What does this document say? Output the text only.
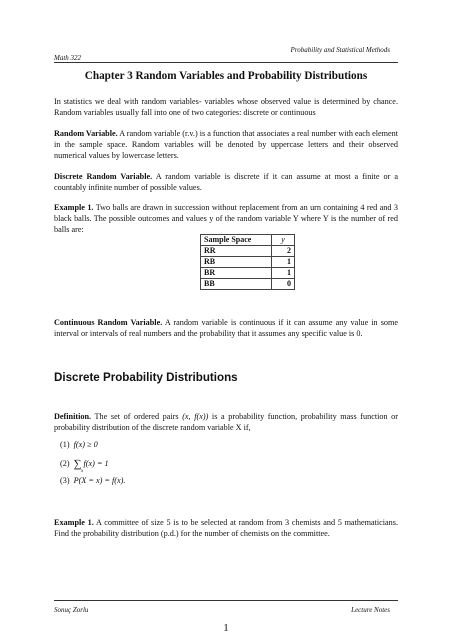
Probability and Statistical Methods
Math 322
Chapter 3 Random Variables and Probability Distributions

In statistics we deal with random variables- variables whose observed value is determined by chance. Random variables usually fall into one of two categories: discrete or continuous

Random Variable. A random variable (r.v.) is a function that associates a real number with each element in the sample space. Random variables will be denoted by uppercase letters and their observed numerical values by lowercase letters.

Discrete Random Variable. A random variable is discrete if it can assume at most a finite or a countably infinite number of possible values.

Example 1. Two balls are drawn in succession without replacement from an urn containing 4 red and 3 black balls. The possible outcomes and values y of the random variable Y where Y is the number of red balls are:

Sample Space	y
RR	2
RB	1
BR	1
BB	0

Continuous Random Variable. A random variable is continuous if it can assume any value in some interval or intervals of real numbers and the probability that it assumes any specific value is 0.

Discrete Probability Distributions

Definition. The set of ordered pairs (x, f(x)) is a probability function, probability mass function or probability distribution of the discrete random variable X if,

(1) f(x) ≥ 0
(2) ∑ f(x) = 1
x
(3) P(X = x) = f(x).

Example 1. A committee of size 5 is to be selected at random from 3 chemists and 5 mathematicians. Find the probability distribution (p.d.) for the number of chemists on the committee.

Sonuç Zorlu	Lecture Notes
1
